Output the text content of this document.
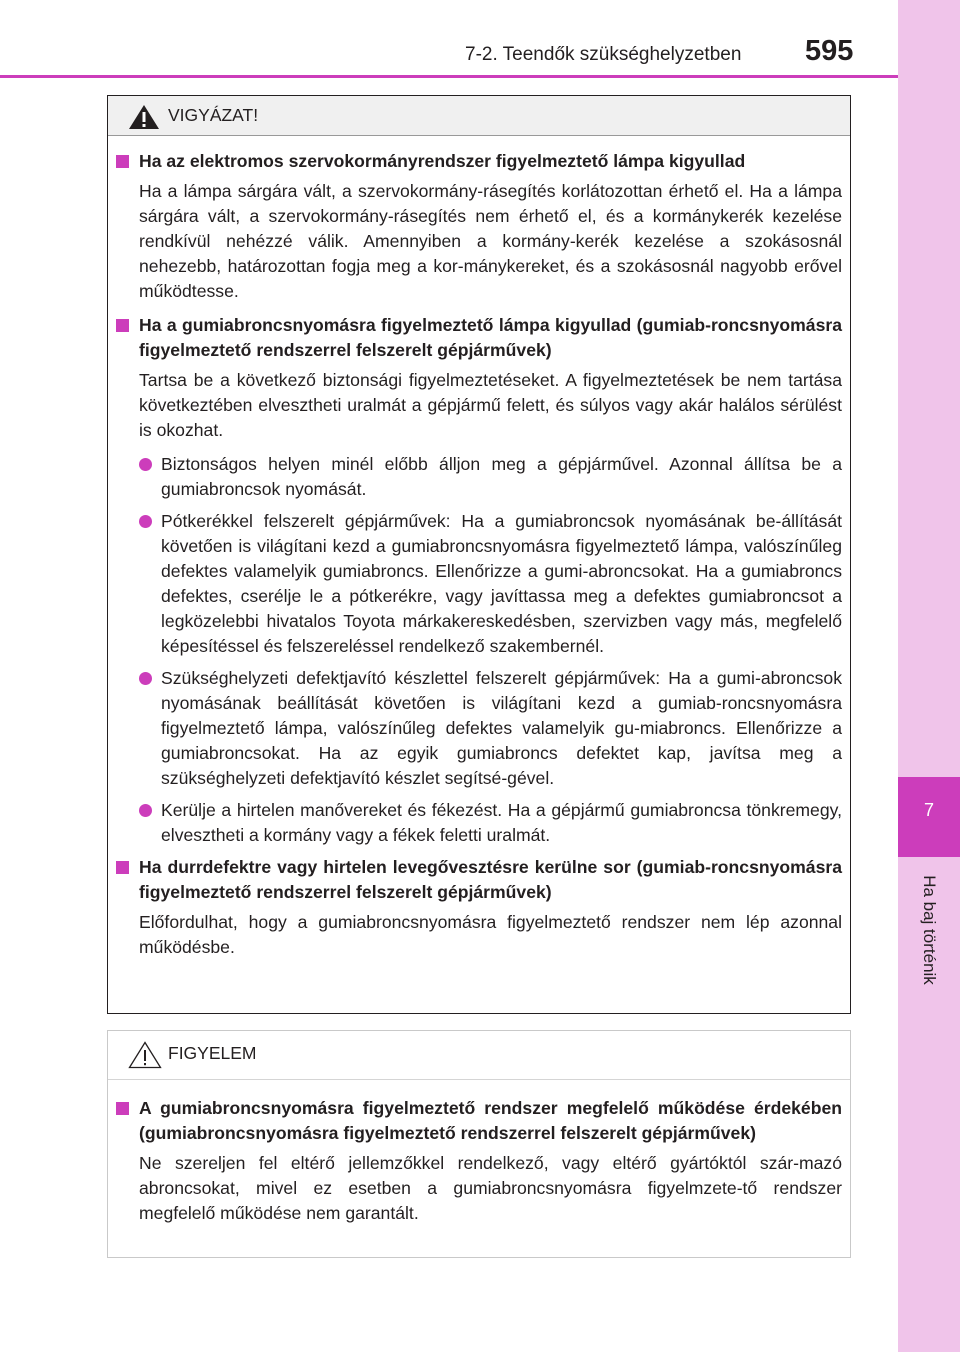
7
Ha baj történik
7-2. Teendők szükséghelyzetben 595
VIGYÁZAT!
Ha az elektromos szervokormányrendszer figyelmeztető lámpa kigyullad
Ha a lámpa sárgára vált, a szervokormány-rásegítés korlátozottan érhető el. Ha a lámpa sárgára vált, a szervokormány-rásegítés nem érhető el, és a kormánykerék kezelése rendkívül nehézzé válik. Amennyiben a kormány-kerék kezelése a szokásosnál nehezebb, határozottan fogja meg a kor-mánykereket, és a szokásosnál nagyobb erővel működtesse.
Ha a gumiabroncsnyomásra figyelmeztető lámpa kigyullad (gumiab-roncsnyomásra figyelmeztető rendszerrel felszerelt gépjárművek)
Tartsa be a következő biztonsági figyelmeztetéseket. A figyelmeztetések be nem tartása következtében elvesztheti uralmát a gépjármű felett, és súlyos vagy akár halálos sérülést is okozhat.
Biztonságos helyen minél előbb álljon meg a gépjárművel. Azonnal állítsa be a gumiabroncsok nyomását.
Pótkerékkel felszerelt gépjárművek: Ha a gumiabroncsok nyomásának be-állítását követően is világítani kezd a gumiabroncsnyomásra figyelmeztető lámpa, valószínűleg defektes valamelyik gumiabroncs. Ellenőrizze a gumi-abroncsokat. Ha a gumiabroncs defektes, cserélje le a pótkerékre, vagy javíttassa meg a defektes gumiabroncsot a legközelebbi hivatalos Toyota márkakereskedésben, szervizben vagy más, megfelelő képesítéssel és felszereléssel rendelkező szakembernél.
Szükséghelyzeti defektjavító készlettel felszerelt gépjárművek: Ha a gumi-abroncsok nyomásának beállítását követően is világítani kezd a gumiab-roncsnyomásra figyelmeztető lámpa, valószínűleg defektes valamelyik gu-miabroncs. Ellenőrizze a gumiabroncsokat. Ha az egyik gumiabroncs defektet kap, javítsa meg a szükséghelyzeti defektjavító készlet segítsé-gével.
Kerülje a hirtelen manővereket és fékezést. Ha a gépjármű gumiabroncsa tönkremegy, elvesztheti a kormány vagy a fékek feletti uralmát.
Ha durrdefektre vagy hirtelen levegővesztésre kerülne sor (gumiab-roncsnyomásra figyelmeztető rendszerrel felszerelt gépjárművek)
Előfordulhat, hogy a gumiabroncsnyomásra figyelmeztető rendszer nem lép azonnal működésbe.
FIGYELEM
A gumiabroncsnyomásra figyelmeztető rendszer megfelelő működése érdekében (gumiabroncsnyomásra figyelmeztető rendszerrel felszerelt gépjárművek)
Ne szereljen fel eltérő jellemzőkkel rendelkező, vagy eltérő gyártóktól szár-mazó abroncsokat, mivel ez esetben a gumiabroncsnyomásra figyelmzete-tő rendszer megfelelő működése nem garantált.
